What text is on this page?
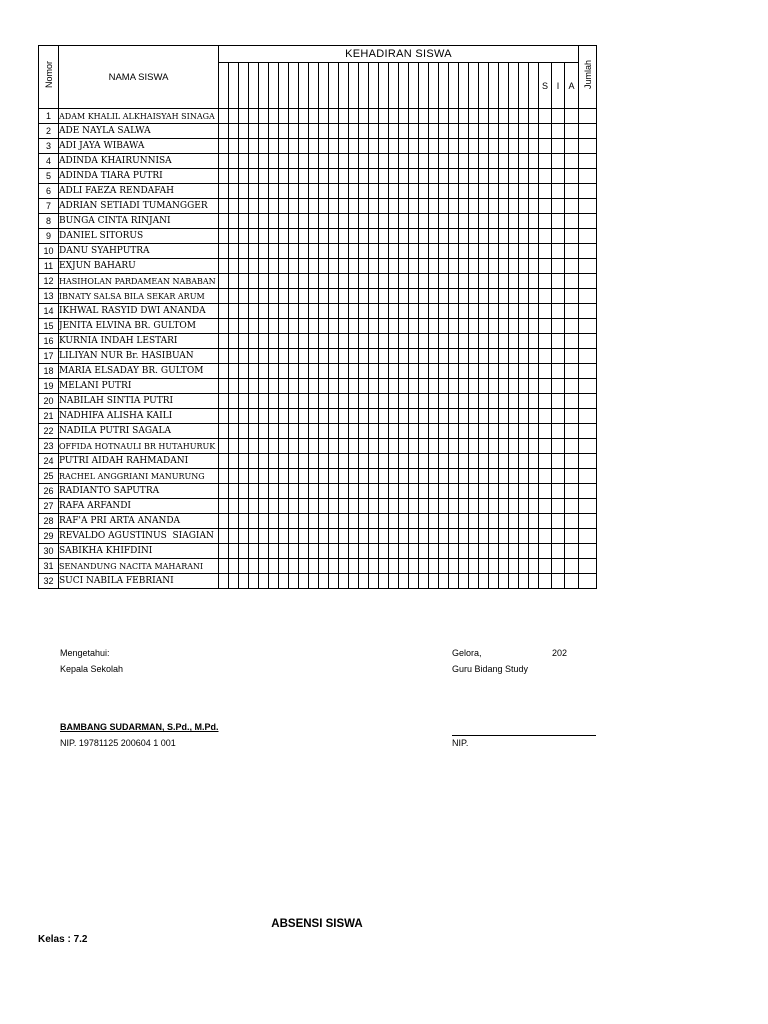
Nomor	NAMA SISWA	KEHADIRAN SISWA																																			Jumlah
																																		S	I	A	
1	ADAM KHALIL ALKHAISYAH SINAGA																																				
2	ADE NAYLA SALWA																																				
3	ADI JAYA WIBAWA																																				
4	ADINDA KHAIRUNNISA																																				
5	ADINDA TIARA PUTRI																																				
6	ADLI FAEZA RENDAFAH																																				
7	ADRIAN SETIADI TUMANGGER																																				
8	BUNGA CINTA RINJANI																																				
9	DANIEL SITORUS																																				
10	DANU SYAHPUTRA																																				
11	EXJUN BAHARU																																				
12	HASIHOLAN PARDAMEAN NABABAN																																				
13	IBNATY SALSA BILA SEKAR ARUM																																				
14	IKHWAL RASYID DWI ANANDA																																				
15	JENITA ELVINA BR. GULTOM																																				
16	KURNIA INDAH LESTARI																																				
17	LILIYAN NUR Br. HASIBUAN																																				
18	MARIA ELSADAY BR. GULTOM																																				
19	MELANI PUTRI																																				
20	NABILAH SINTIA PUTRI																																				
21	NADHIFA ALISHA KAILI																																				
22	NADILA PUTRI SAGALA																																				
23	OFFIDA HOTNAULI BR HUTAHURUK																																				
24	PUTRI AIDAH RAHMADANI																																				
25	RACHEL ANGGRIANI MANURUNG																																				
26	RADIANTO SAPUTRA																																				
27	RAFA ARFANDI																																				
28	RAF'A PRI ARTA ANANDA																																				
29	REVALDO AGUSTINUS  SIAGIAN																																				
30	SABIKHA KHIFDINI																																				
31	SENANDUNG NACITA MAHARANI																																				
32	SUCI NABILA FEBRIANI																																				
Mengetahui:
Kepala Sekolah
BAMBANG SUDARMAN, S.Pd., M.Pd.
NIP. 19781125 200604 1 001
Gelora,	202
Guru Bidang Study
NIP.
ABSENSI SISWA
Kelas : 7.2
